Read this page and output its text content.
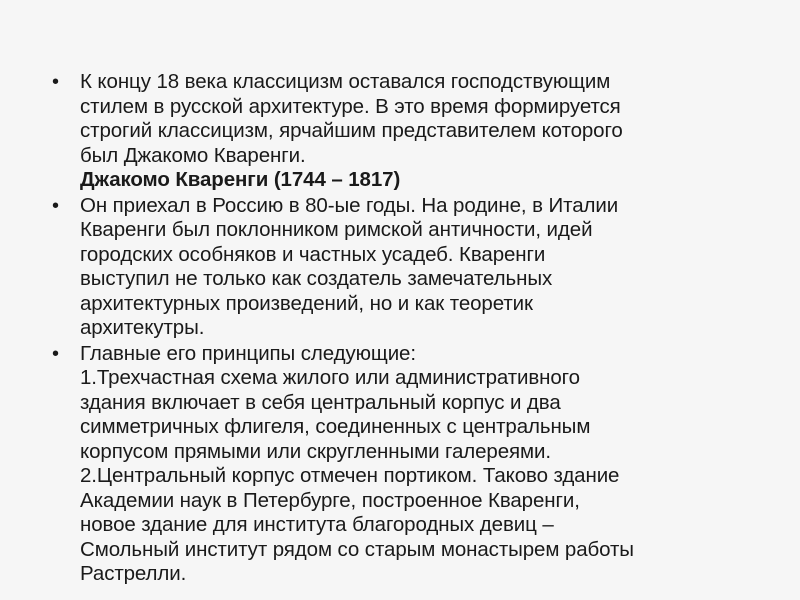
• К концу 18 века классицизм оставался господствующим
стилем в русской архитектуре. В это время формируется
строгий классицизм, ярчайшим представителем которого
был Джакомо Кваренги.
Джакомо Кваренги (1744 – 1817)
• Он приехал в Россию в 80-ые годы. На родине, в Италии
Кваренги был поклонником римской античности, идей
городских особняков и частных усадеб. Кваренги
выступил не только как создатель замечательных
архитектурных произведений, но и как теоретик
архитекутры.
• Главные его принципы следующие:
1.Трехчастная схема жилого или административного
здания включает в себя центральный корпус и два
симметричных флигеля, соединенных с центральным
корпусом прямыми или скругленными галереями.
2.Центральный корпус отмечен портиком. Таково здание
Академии наук в Петербурге, построенное Кваренги,
новое здание для института благородных девиц –
Смольный институт рядом со старым монастырем работы
Растрелли.
